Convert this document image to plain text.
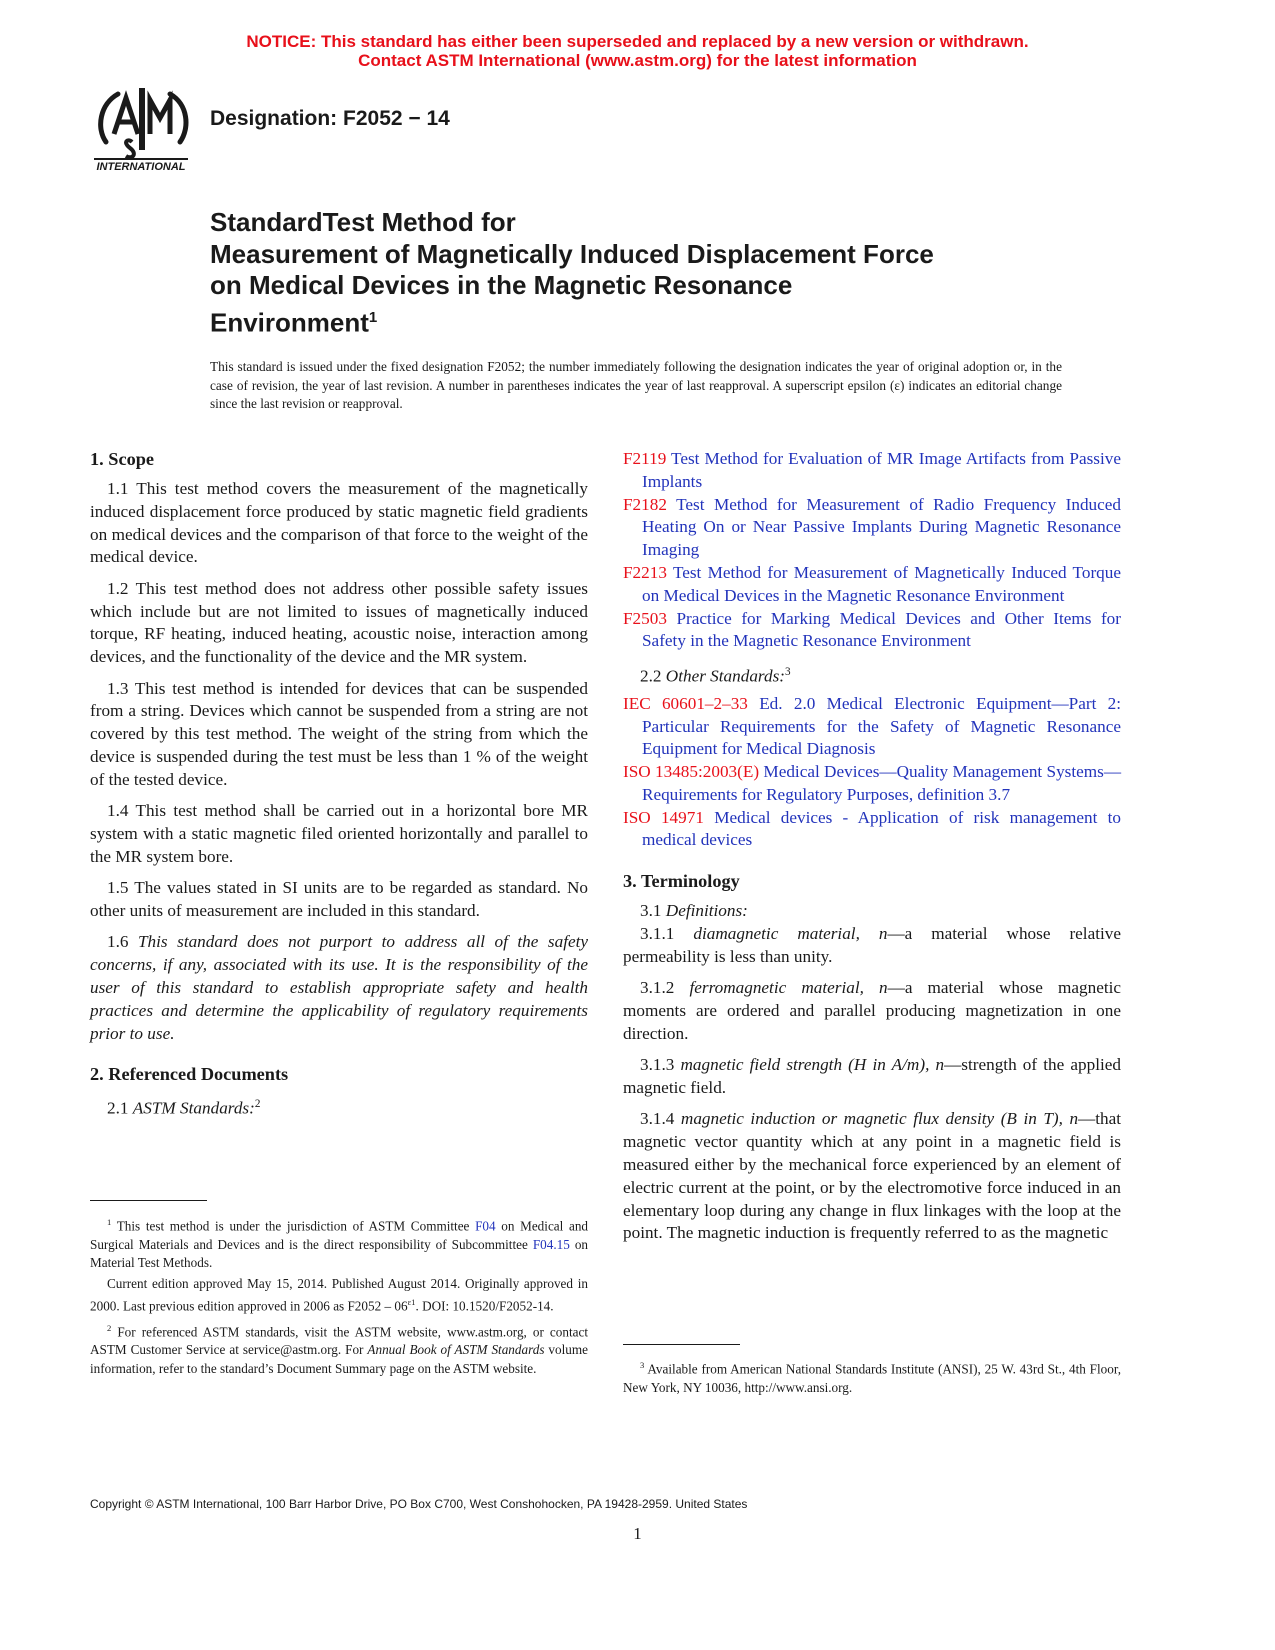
NOTICE: This standard has either been superseded and replaced by a new version or withdrawn.
Contact ASTM International (www.astm.org) for the latest information
INTERNATIONAL
Designation: F2052 − 14
StandardTest Method for
Measurement of Magnetically Induced Displacement Force
on Medical Devices in the Magnetic Resonance
Environment$^1$
This standard is issued under the fixed designation F2052; the number immediately following the designation indicates the year of original adoption or, in the case of revision, the year of last revision. A number in parentheses indicates the year of last reapproval. A superscript epsilon (ε) indicates an editorial change since the last revision or reapproval.
1. Scope

1.1 This test method covers the measurement of the magnetically induced displacement force produced by static magnetic field gradients on medical devices and the comparison of that force to the weight of the medical device.

1.2 This test method does not address other possible safety issues which include but are not limited to issues of magnetically induced torque, RF heating, induced heating, acoustic noise, interaction among devices, and the functionality of the device and the MR system.

1.3 This test method is intended for devices that can be suspended from a string. Devices which cannot be suspended from a string are not covered by this test method. The weight of the string from which the device is suspended during the test must be less than 1 % of the weight of the tested device.

1.4 This test method shall be carried out in a horizontal bore MR system with a static magnetic filed oriented horizontally and parallel to the MR system bore.

1.5 The values stated in SI units are to be regarded as standard. No other units of measurement are included in this standard.

1.6 This standard does not purport to address all of the safety concerns, if any, associated with its use. It is the responsibility of the user of this standard to establish appropriate safety and health practices and determine the applicability of regulatory requirements prior to use.

2. Referenced Documents

2.1 ASTM Standards:$^2$

$^1$ This test method is under the jurisdiction of ASTM Committee F04 on Medical and Surgical Materials and Devices and is the direct responsibility of Subcommittee F04.15 on Material Test Methods.

Current edition approved May 15, 2014. Published August 2014. Originally approved in 2000. Last previous edition approved in 2006 as $F2052 - 06^{\varepsilon 1}$. DOI: 10.1520/F2052-14.

$^2$ For referenced ASTM standards, visit the ASTM website, www.astm.org, or contact ASTM Customer Service at service@astm.org. For Annual Book of ASTM Standards volume information, refer to the standard’s Document Summary page on the ASTM website.

F2119 Test Method for Evaluation of MR Image Artifacts from Passive Implants
F2182 Test Method for Measurement of Radio Frequency Induced Heating On or Near Passive Implants During Magnetic Resonance Imaging
F2213 Test Method for Measurement of Magnetically Induced Torque on Medical Devices in the Magnetic Resonance Environment
F2503 Practice for Marking Medical Devices and Other Items for Safety in the Magnetic Resonance Environment

2.2 Other Standards:$^3$

IEC 60601–2–33 Ed. 2.0 Medical Electronic Equipment—Part 2: Particular Requirements for the Safety of Magnetic Resonance Equipment for Medical Diagnosis
ISO 13485:2003(E) Medical Devices—Quality Management Systems—Requirements for Regulatory Purposes, definition 3.7
ISO 14971 Medical devices - Application of risk management to medical devices
3. Terminology

3.1 Definitions:

3.1.1 diamagnetic material, n—a material whose relative permeability is less than unity.

3.1.2 ferromagnetic material, n—a material whose magnetic moments are ordered and parallel producing magnetization in one direction.

3.1.3 magnetic field strength (H in A/m), n—strength of the applied magnetic field.

3.1.4 magnetic induction or magnetic flux density (B in T), n—that magnetic vector quantity which at any point in a magnetic field is measured either by the mechanical force experienced by an element of electric current at the point, or by the electromotive force induced in an elementary loop during any change in flux linkages with the loop at the point. The magnetic induction is frequently referred to as the magnetic

$^3$ Available from American National Standards Institute (ANSI), 25 W. 43rd St., 4th Floor, New York, NY 10036, http://www.ansi.org.

Copyright © ASTM International, 100 Barr Harbor Drive, PO Box C700, West Conshohocken, PA 19428-2959. United States
1
